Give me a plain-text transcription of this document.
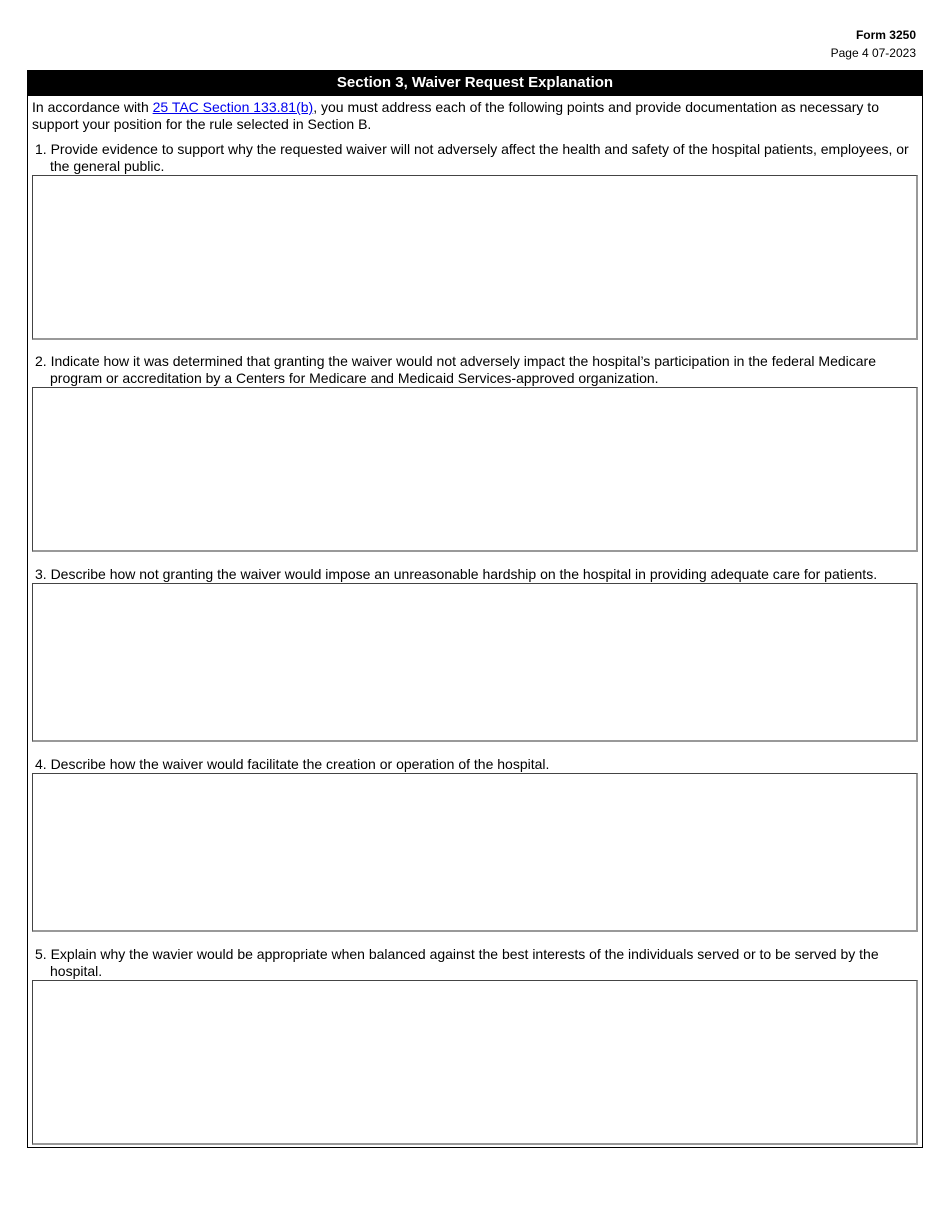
Form 3250
Page 4 07-2023
Section 3, Waiver Request Explanation
In accordance with 25 TAC Section 133.81(b), you must address each of the following points and provide documentation as necessary to support your position for the rule selected in Section B.
1. Provide evidence to support why the requested waiver will not adversely affect the health and safety of the hospital patients, employees, or the general public.
2. Indicate how it was determined that granting the waiver would not adversely impact the hospital’s participation in the federal Medicare program or accreditation by a Centers for Medicare and Medicaid Services-approved organization.
3. Describe how not granting the waiver would impose an unreasonable hardship on the hospital in providing adequate care for patients.
4. Describe how the waiver would facilitate the creation or operation of the hospital.
5. Explain why the wavier would be appropriate when balanced against the best interests of the individuals served or to be served by the hospital.
